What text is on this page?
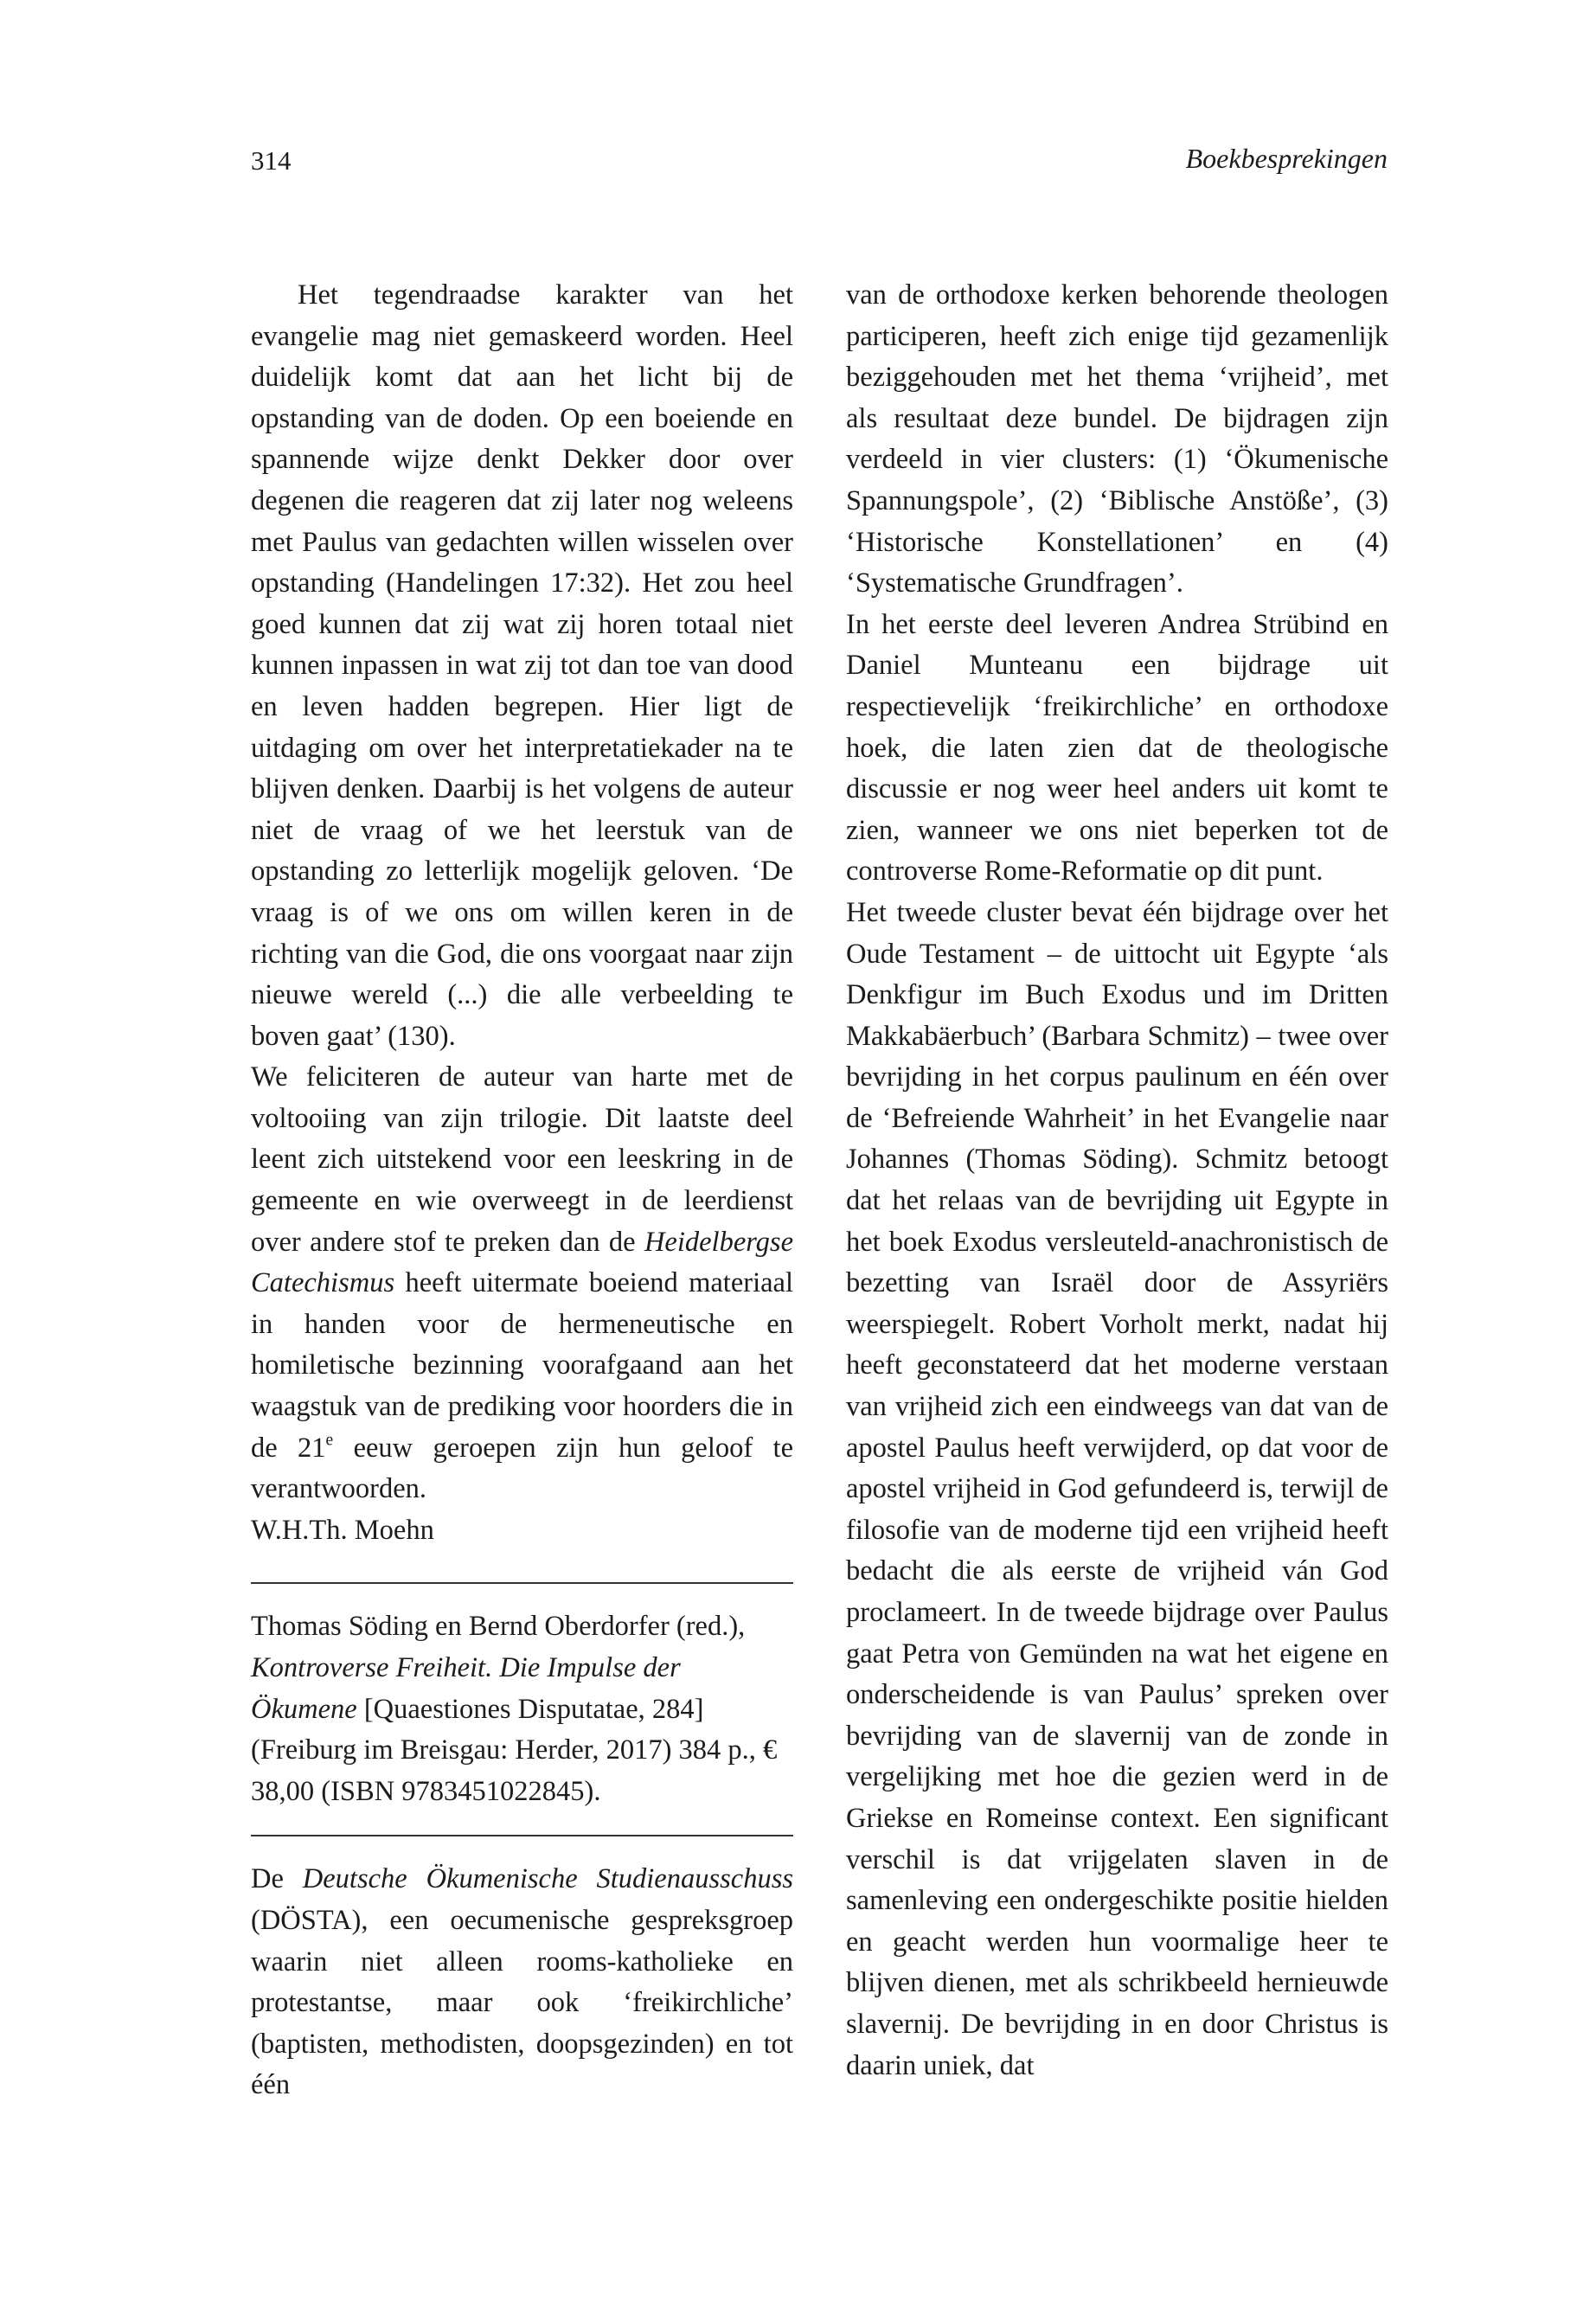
314	Boekbesprekingen

Het tegendraadse karakter van het evangelie mag niet gemaskeerd worden. Heel duidelijk komt dat aan het licht bij de opstanding van de doden. Op een boeiende en spannende wijze denkt Dekker door over degenen die reageren dat zij later nog weleens met Paulus van gedachten willen wisselen over opstanding (Handelingen 17:32). Het zou heel goed kunnen dat zij wat zij horen totaal niet kunnen inpassen in wat zij tot dan toe van dood en leven hadden begrepen. Hier ligt de uitdaging om over het interpretatiekader na te blijven denken. Daarbij is het volgens de auteur niet de vraag of we het leerstuk van de opstanding zo letterlijk mogelijk geloven. ‘De vraag is of we ons om willen keren in de richting van die God, die ons voorgaat naar zijn nieuwe wereld (...) die alle verbeelding te boven gaat’ (130).

We feliciteren de auteur van harte met de voltooiing van zijn trilogie. Dit laatste deel leent zich uitstekend voor een leeskring in de gemeente en wie overweegt in de leerdienst over andere stof te preken dan de Heidelbergse Catechismus heeft uitermate boeiend materiaal in handen voor de hermeneutische en homiletische bezinning voorafgaand aan het waagstuk van de prediking voor hoorders die in de 21e eeuw geroepen zijn hun geloof te verantwoorden.

W.H.Th. Moehn

Thomas Söding en Bernd Oberdorfer (red.),
Kontroverse Freiheit. Die Impulse der Ökumene [Quaestiones Disputatae, 284] (Freiburg im Breisgau: Herder, 2017) 384 p., € 38,00 (ISBN 9783451022845).

De Deutsche Ökumenische Studienausschuss (DÖSTA), een oecumenische gespreksgroep waarin niet alleen rooms-katholieke en protestantse, maar ook ‘freikirchliche’ (baptisten, methodisten, doopsgezinden) en tot één

van de orthodoxe kerken behorende theologen participeren, heeft zich enige tijd gezamenlijk beziggehouden met het thema ‘vrijheid’, met als resultaat deze bundel. De bijdragen zijn verdeeld in vier clusters: (1) ‘Ökumenische Spannungspole’, (2) ‘Biblische Anstöße’, (3) ‘Historische Konstellationen’ en (4) ‘Systematische Grundfragen’.

In het eerste deel leveren Andrea Strübind en Daniel Munteanu een bijdrage uit respectievelijk ‘freikirchliche’ en orthodoxe hoek, die laten zien dat de theologische discussie er nog weer heel anders uit komt te zien, wanneer we ons niet beperken tot de controverse Rome-Reformatie op dit punt.

Het tweede cluster bevat één bijdrage over het Oude Testament – de uittocht uit Egypte ‘als Denkfigur im Buch Exodus und im Dritten Makkabäerbuch’ (Barbara Schmitz) – twee over bevrijding in het corpus paulinum en één over de ‘Befreiende Wahrheit’ in het Evangelie naar Johannes (Thomas Söding). Schmitz betoogt dat het relaas van de bevrijding uit Egypte in het boek Exodus versleuteld-anachronistisch de bezetting van Israël door de Assyriërs weerspiegelt. Robert Vorholt merkt, nadat hij heeft geconstateerd dat het moderne verstaan van vrijheid zich een eindweegs van dat van de apostel Paulus heeft verwijderd, op dat voor de apostel vrijheid in God gefundeerd is, terwijl de filosofie van de moderne tijd een vrijheid heeft bedacht die als eerste de vrijheid ván God proclameert. In de tweede bijdrage over Paulus gaat Petra von Gemünden na wat het eigene en onderscheidende is van Paulus’ spreken over bevrijding van de slavernij van de zonde in vergelijking met hoe die gezien werd in de Griekse en Romeinse context. Een significant verschil is dat vrijgelaten slaven in de samenleving een ondergeschikte positie hielden en geacht werden hun voormalige heer te blijven dienen, met als schrikbeeld hernieuwde slavernij. De bevrijding in en door Christus is daarin uniek, dat
